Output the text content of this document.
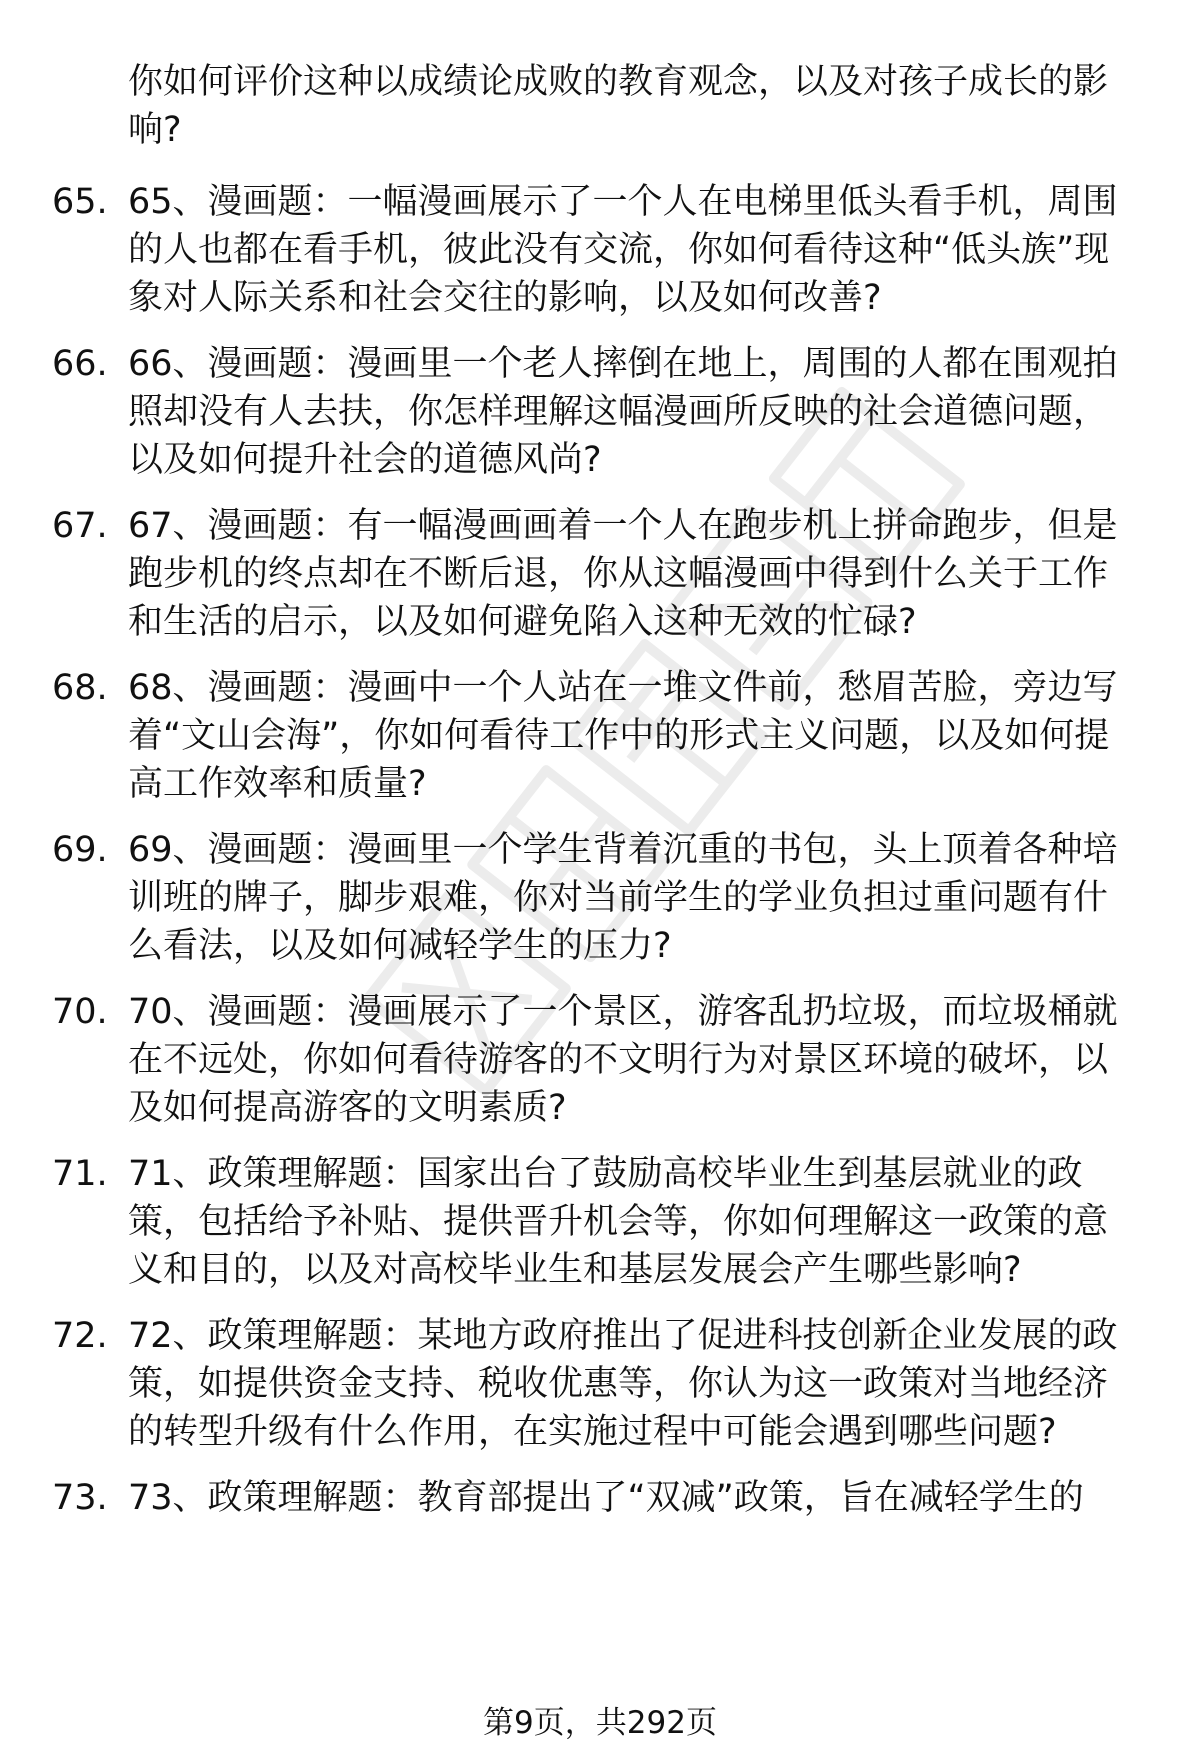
你如何评价这种以成绩论成败的教育观念，以及对孩子成长的影响?
65. 65、漫画题：一幅漫画展示了一个人在电梯里低头看手机，周围的人也都在看手机，彼此没有交流，你如何看待这种“低头族”现象对人际关系和社会交往的影响，以及如何改善?
66. 66、漫画题：漫画里一个老人摔倒在地上，周围的人都在围观拍照却没有人去扶，你怎样理解这幅漫画所反映的社会道德问题，以及如何提升社会的道德风尚?
67. 67、漫画题：有一幅漫画画着一个人在跑步机上拼命跑步，但是跑步机的终点却在不断后退，你从这幅漫画中得到什么关于工作和生活的启示，以及如何避免陷入这种无效的忙碌?
68. 68、漫画题：漫画中一个人站在一堆文件前，愁眉苦脸，旁边写着“文山会海”，你如何看待工作中的形式主义问题，以及如何提高工作效率和质量?
69. 69、漫画题：漫画里一个学生背着沉重的书包，头上顶着各种培训班的牌子，脚步艰难，你对当前学生的学业负担过重问题有什么看法，以及如何减轻学生的压力?
70. 70、漫画题：漫画展示了一个景区，游客乱扔垃圾，而垃圾桶就在不远处，你如何看待游客的不文明行为对景区环境的破坏，以及如何提高游客的文明素质?
71. 71、政策理解题：国家出台了鼓励高校毕业生到基层就业的政策，包括给予补贴、提供晋升机会等，你如何理解这一政策的意义和目的，以及对高校毕业生和基层发展会产生哪些影响?
72. 72、政策理解题：某地方政府推出了促进科技创新企业发展的政策，如提供资金支持、税收优惠等，你认为这一政策对当地经济的转型升级有什么作用，在实施过程中可能会遇到哪些问题?
73. 73、政策理解题：教育部提出了“双减”政策，旨在减轻学生的
第9页，共292页
